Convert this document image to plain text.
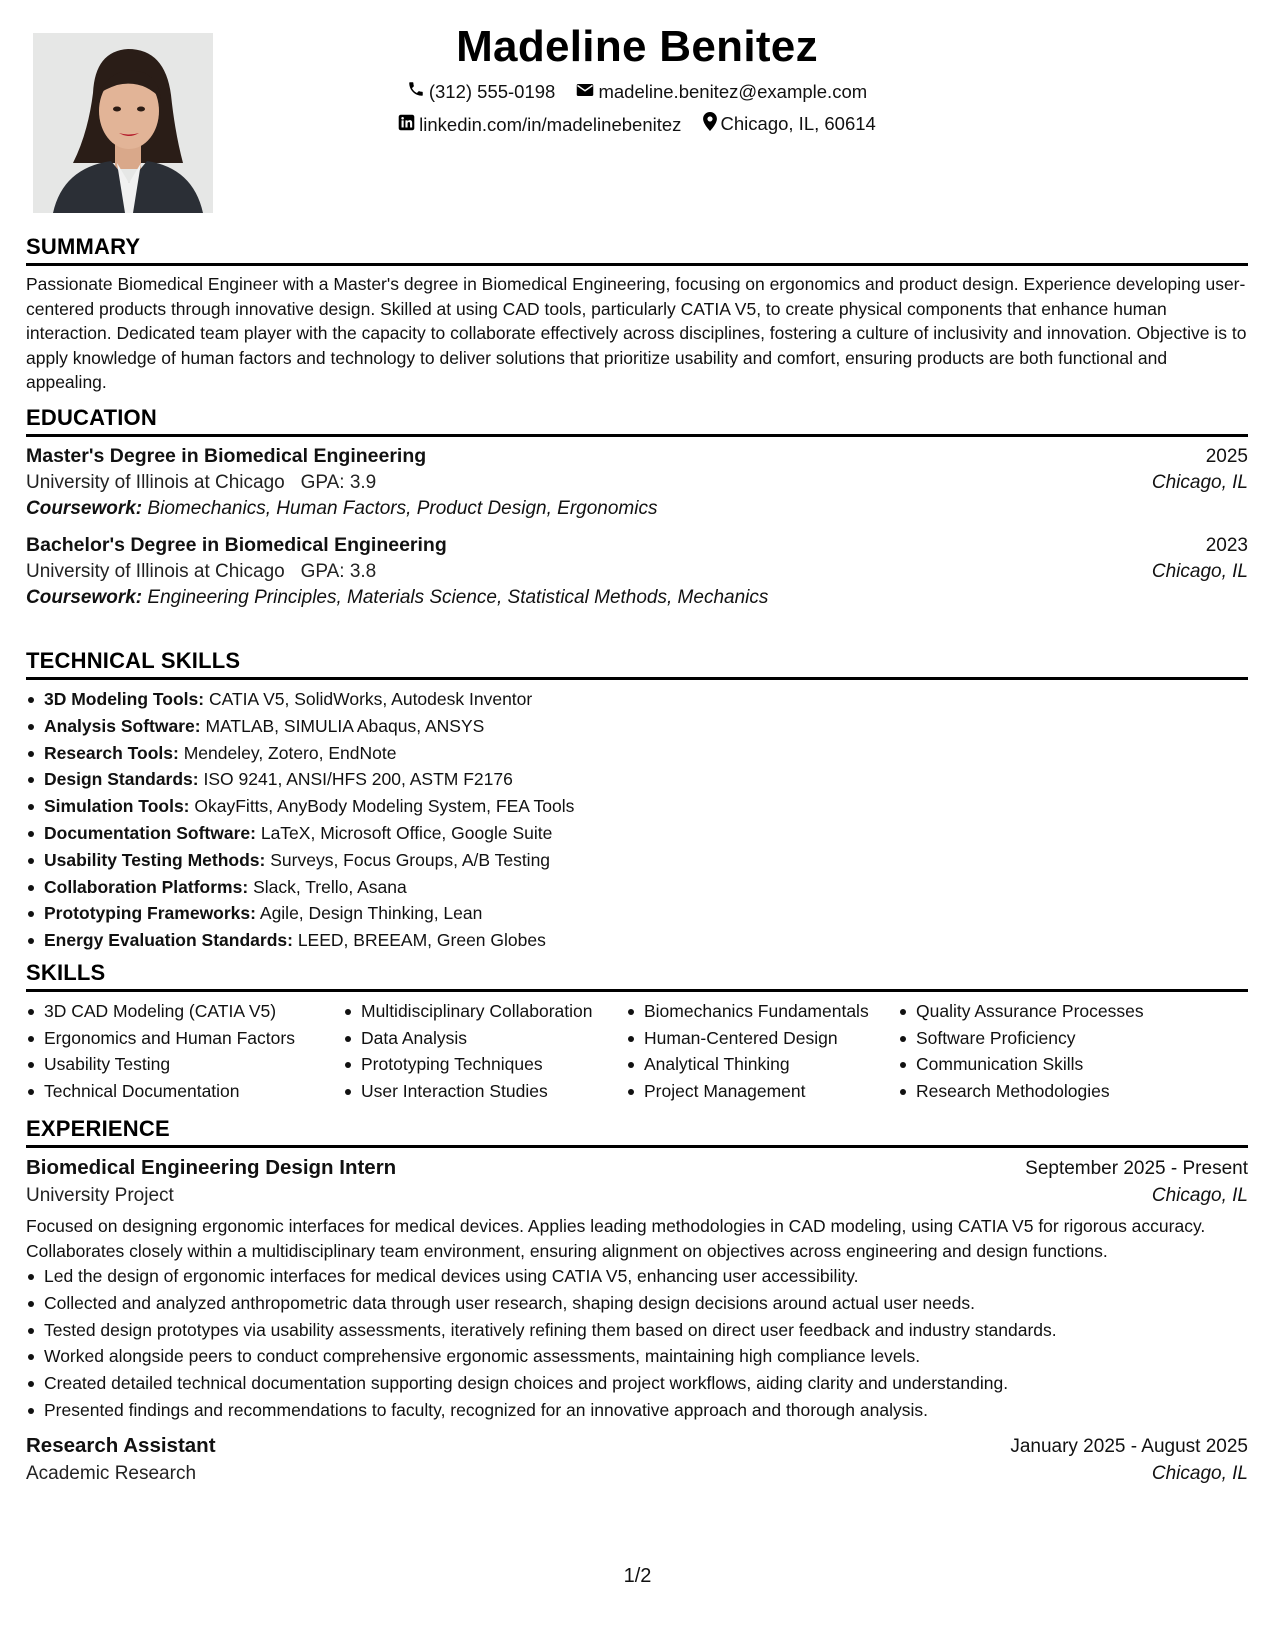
Madeline Benitez
(312) 555-0198
madeline.benitez@example.com
linkedin.com/in/madelinebenitez
Chicago, IL, 60614
SUMMARY
Passionate Biomedical Engineer with a Master's degree in Biomedical Engineering, focusing on ergonomics and product design. Experience developing user-centered products through innovative design. Skilled at using CAD tools, particularly CATIA V5, to create physical components that enhance human interaction. Dedicated team player with the capacity to collaborate effectively across disciplines, fostering a culture of inclusivity and innovation. Objective is to apply knowledge of human factors and technology to deliver solutions that prioritize usability and comfort, ensuring products are both functional and appealing.
EDUCATION
Master's Degree in Biomedical Engineering	2025
University of Illinois at Chicago GPA: 3.9	Chicago, IL
Coursework: Biomechanics, Human Factors, Product Design, Ergonomics
Bachelor's Degree in Biomedical Engineering	2023
University of Illinois at Chicago GPA: 3.8	Chicago, IL
Coursework: Engineering Principles, Materials Science, Statistical Methods, Mechanics
TECHNICAL SKILLS
3D Modeling Tools: CATIA V5, SolidWorks, Autodesk Inventor
Analysis Software: MATLAB, SIMULIA Abaqus, ANSYS
Research Tools: Mendeley, Zotero, EndNote
Design Standards: ISO 9241, ANSI/HFS 200, ASTM F2176
Simulation Tools: OkayFitts, AnyBody Modeling System, FEA Tools
Documentation Software: LaTeX, Microsoft Office, Google Suite
Usability Testing Methods: Surveys, Focus Groups, A/B Testing
Collaboration Platforms: Slack, Trello, Asana
Prototyping Frameworks: Agile, Design Thinking, Lean
Energy Evaluation Standards: LEED, BREEAM, Green Globes
SKILLS
3D CAD Modeling (CATIA V5)
Ergonomics and Human Factors
Usability Testing
Technical Documentation
Multidisciplinary Collaboration
Data Analysis
Prototyping Techniques
User Interaction Studies
Biomechanics Fundamentals
Human-Centered Design
Analytical Thinking
Project Management
Quality Assurance Processes
Software Proficiency
Communication Skills
Research Methodologies
EXPERIENCE
Biomedical Engineering Design Intern	September 2025 - Present
University Project	Chicago, IL
Focused on designing ergonomic interfaces for medical devices. Applies leading methodologies in CAD modeling, using CATIA V5 for rigorous accuracy. Collaborates closely within a multidisciplinary team environment, ensuring alignment on objectives across engineering and design functions.
Led the design of ergonomic interfaces for medical devices using CATIA V5, enhancing user accessibility.
Collected and analyzed anthropometric data through user research, shaping design decisions around actual user needs.
Tested design prototypes via usability assessments, iteratively refining them based on direct user feedback and industry standards.
Worked alongside peers to conduct comprehensive ergonomic assessments, maintaining high compliance levels.
Created detailed technical documentation supporting design choices and project workflows, aiding clarity and understanding.
Presented findings and recommendations to faculty, recognized for an innovative approach and thorough analysis.
Research Assistant	January 2025 - August 2025
Academic Research	Chicago, IL
1/2
